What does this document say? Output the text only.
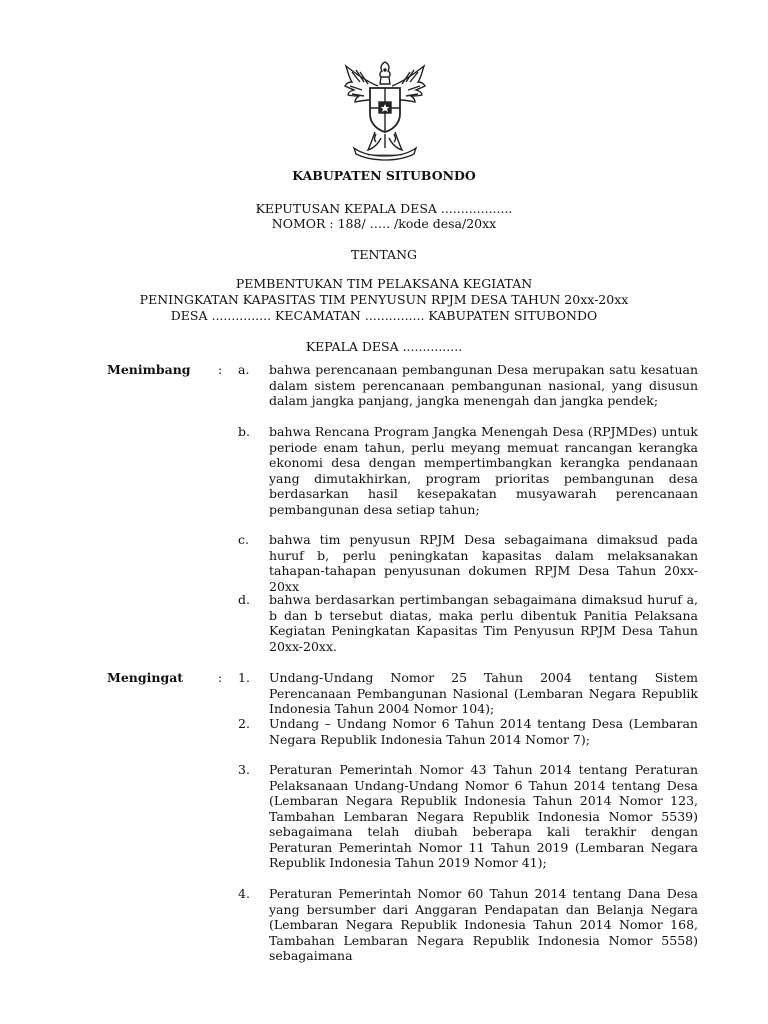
KABUPATEN SITUBONDO
KEPUTUSAN KEPALA DESA ..................
NOMOR : 188/ ….. /kode desa/20xx
TENTANG
PEMBENTUKAN TIM PELAKSANA KEGIATAN
PENINGKATAN KAPASITAS TIM PENYUSUN RPJM DESA TAHUN 20xx-20xx
DESA ............... KECAMATAN ............... KABUPATEN SITUBONDO
KEPALA DESA ...............
Menimbang : a.	bahwa perencanaan pembangunan Desa merupakan satu kesatuan dalam sistem perencanaan pembangunan nasional, yang disusun dalam jangka panjang, jangka menengah dan jangka pendek;
b.	bahwa Rencana Program Jangka Menengah Desa (RPJMDes) untuk periode enam tahun, perlu meyang memuat rancangan kerangka ekonomi desa dengan mempertimbangkan kerangka pendanaan yang dimutakhirkan, program prioritas pembangunan desa berdasarkan hasil kesepakatan musyawarah perencanaan pembangunan desa setiap tahun;
c.	bahwa tim penyusun RPJM Desa sebagaimana dimaksud pada huruf b, perlu peningkatan kapasitas dalam melaksanakan tahapan-tahapan penyusunan dokumen RPJM Desa Tahun 20xx-20xx
d.	bahwa berdasarkan pertimbangan sebagaimana dimaksud huruf a, b dan b tersebut diatas, maka perlu dibentuk Panitia Pelaksana Kegiatan Peningkatan Kapasitas Tim Penyusun RPJM Desa Tahun 20xx-20xx.
Mengingat	: 1.	Undang-Undang Nomor 25 Tahun 2004 tentang Sistem Perencanaan Pembangunan Nasional (Lembaran Negara Republik Indonesia Tahun 2004 Nomor 104);
2.	Undang – Undang Nomor 6 Tahun 2014 tentang Desa (Lembaran Negara Republik Indonesia Tahun 2014 Nomor 7);
3.	Peraturan Pemerintah Nomor 43 Tahun 2014 tentang Peraturan Pelaksanaan Undang-Undang Nomor 6 Tahun 2014 tentang Desa (Lembaran Negara Republik Indonesia Tahun 2014 Nomor 123, Tambahan Lembaran Negara Republik Indonesia Nomor 5539) sebagaimana telah diubah beberapa kali terakhir dengan Peraturan Pemerintah Nomor 11 Tahun 2019 (Lembaran Negara Republik Indonesia Tahun 2019 Nomor 41);
4.	Peraturan Pemerintah Nomor 60 Tahun 2014 tentang Dana Desa yang bersumber dari Anggaran Pendapatan dan Belanja Negara (Lembaran Negara Republik Indonesia Tahun 2014 Nomor 168, Tambahan Lembaran Negara Republik Indonesia Nomor 5558) sebagaimana
